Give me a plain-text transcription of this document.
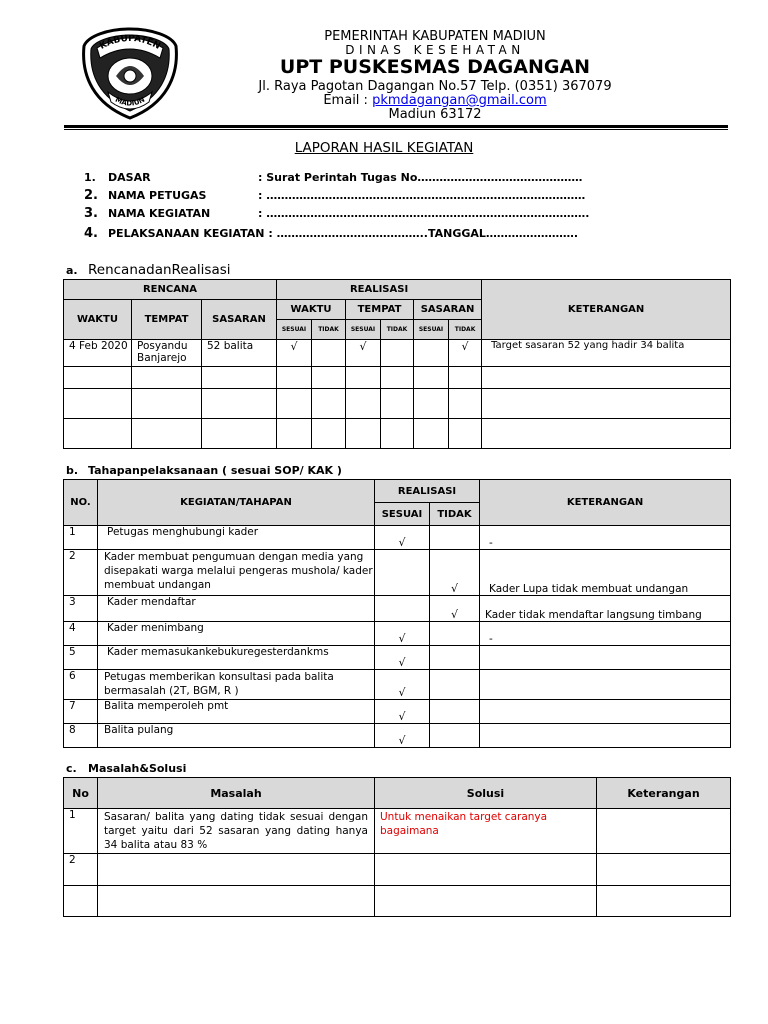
KABUPATEN
MADIUN
PEMERINTAH KABUPATEN MADIUN
DINAS KESEHATAN
UPT PUSKESMAS DAGANGAN
Jl. Raya Pagotan Dagangan No.57 Telp. (0351) 367079
Email : pkmdagangan@gmail.com
Madiun 63172
LAPORAN HASIL KEGIATAN
1. DASAR	: Surat Perintah Tugas No………………………………………
2. NAMA PETUGAS	: ……………………………………………………………………………
3. NAMA KEGIATAN	: …………………………………………………………………………….
4. PELAKSANAAN KEGIATAN : …………………………………..TANGGAL…………………….
a. RencanadanRealisasi
RENCANA			REALISASI						KETERANGAN
WAKTU	TEMPAT	SASARAN	WAKTU		TEMPAT		SASARAN		
			SESUAI	TIDAK	SESUAI	TIDAK	SESUAI	TIDAK	
4 Feb 2020	Posyandu Banjarejo	52 balita	√		√			√	Target sasaran 52 yang hadir 34 balita

b. Tahapanpelaksanaan ( sesuai SOP/ KAK )
NO.	KEGIATAN/TAHAPAN	REALISASI		KETERANGAN
		SESUAI	TIDAK	
1	Petugas menghubungi kader	√		-
2	Kader membuat pengumuan dengan media yang disepakati warga melalui pengeras mushola/ kader membuat undangan		√	Kader Lupa tidak membuat undangan
3	Kader mendaftar		√	Kader tidak mendaftar langsung timbang
4	Kader menimbang	√		-
5	Kader memasukankebukuregesterdankms	√		
6	Petugas memberikan konsultasi pada balita bermasalah (2T, BGM, R )	√		
7	Balita memperoleh pmt	√		
8	Balita pulang	√		
c. Masalah&Solusi
No	Masalah	Solusi	Keterangan
1	Sasaran/ balita yang dating tidak sesuai dengan target yaitu dari 52 sasaran yang dating hanya 34 balita atau 83 %	Untuk menaikan target caranya bagaimana	
2			
